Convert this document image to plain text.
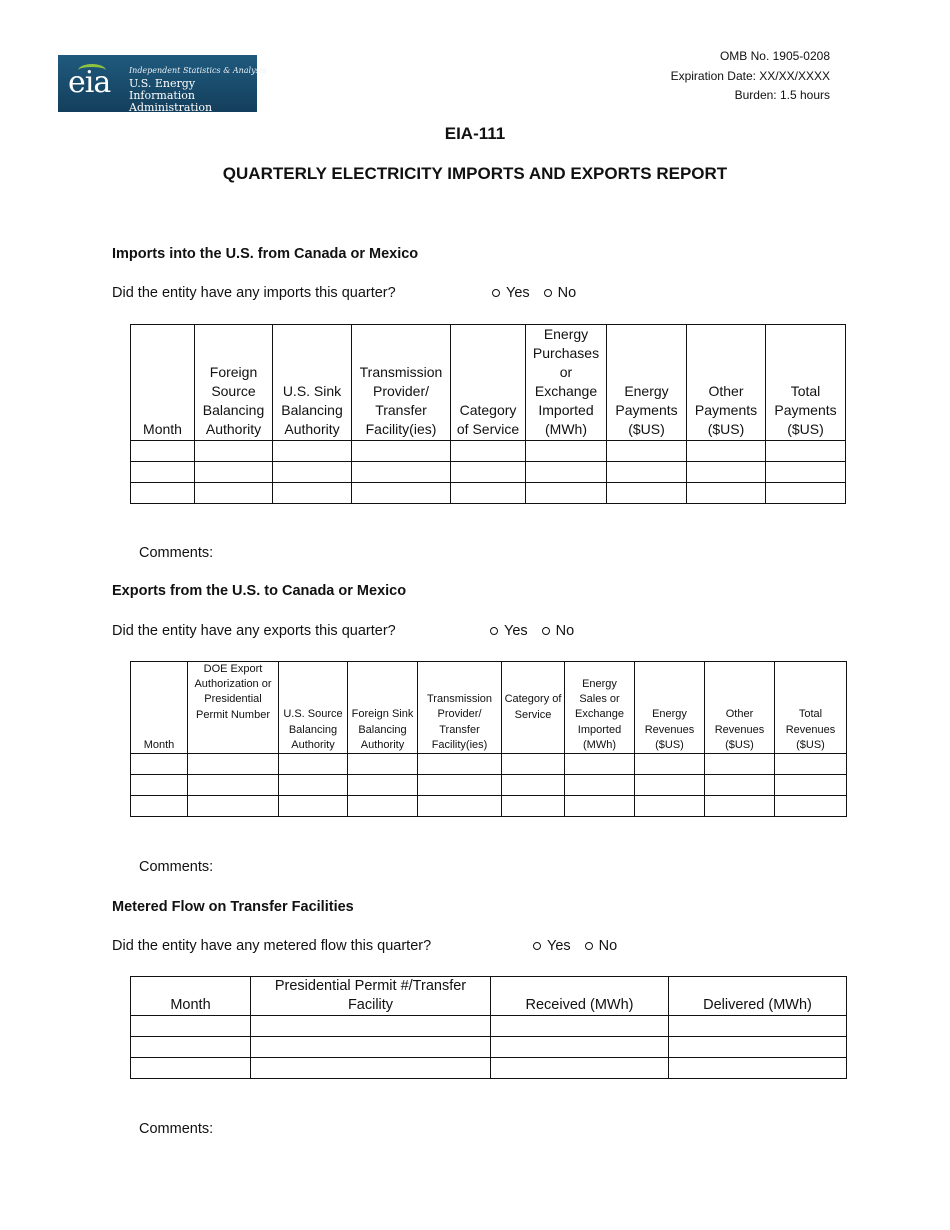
eia Independent Statistics & Analysis
U.S. Energy Information
Administration
OMB No. 1905-0208
Expiration Date: XX/XX/XXXX
Burden: 1.5 hours
EIA-111
QUARTERLY ELECTRICITY IMPORTS AND EXPORTS REPORT
Imports into the U.S. from Canada or Mexico
Did the entity have any imports this quarter?	Yes No
Month	Foreign Source Balancing Authority	U.S. Sink Balancing Authority	Transmission Provider/ Transfer Facility(ies)	Category of Service	Energy Purchases or Exchange Imported (MWh)	Energy Payments ($US)	Other Payments ($US)	Total Payments ($US)

Comments:
Exports from the U.S. to Canada or Mexico
Did the entity have any exports this quarter?	Yes No
Month	DOE Export Authorization or Presidential Permit Number	U.S. Source Balancing Authority	Foreign Sink Balancing Authority	Transmission Provider/ Transfer Facility(ies)	Category of Service	Energy Sales or Exchange Imported (MWh)	Energy Revenues ($US)	Other Revenues ($US)	Total Revenues ($US)

Comments:
Metered Flow on Transfer Facilities
Did the entity have any metered flow this quarter?	Yes No
Month	Presidential Permit #/Transfer Facility	Received (MWh)	Delivered (MWh)

Comments:
